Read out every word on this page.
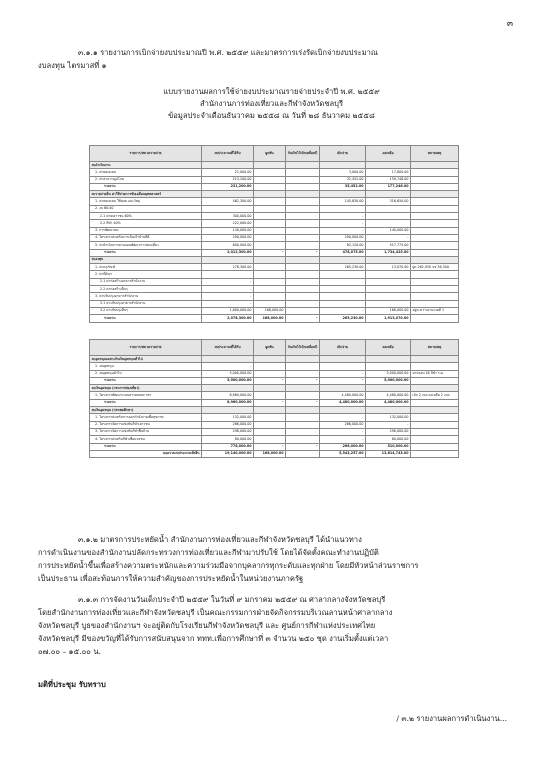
๓
๓.๑.๑ รายงานการเบิกจ่ายงบประมาณปี พ.ศ. ๒๕๕๙ และมาตรการเร่งรัดเบิกจ่ายงบประมาณ
งบลงทุน ไตรมาสที่ ๑
แบบรายงานผลการใช้จ่ายงบประมาณรายจ่ายประจำปี พ.ศ. ๒๕๕๙
สำนักงานการท่องเที่ยวและกีฬาจังหวัดชลบุรี
ข้อมูลประจำเดือนธันวาคม ๒๕๕๘ ณ วันที่ ๒๘ ธันวาคม ๒๕๕๘
รายการ/หมวดรายจ่าย	งบประมาณที่ได้รับ	ผูกพัน	กันเงินไว้เบิกเหลื่อมปี	เบิกจ่าย	คงเหลือ	หมายเหตุ
งบดำเนินงาน						
1. ค่าตอบแทน	21,000.00			3,000.00	17,800.00	
2. ค่าสาธารณูปโภค	213,200.00			32,452.00	159,748.00	
รวมงาน	231,200.00			35,452.00	177,248.00	
งบรายจ่ายอื่น ค่าใช้จ่ายการขับเคลื่อนยุทธศาสตร์						
1. ค่าตอบแทน ใช้สอย และวัสดุ	462,300.00			145,830.00	316,650.00	
2. งบ 60:40						
2.1 ค่ายเยาวชน 60%	300,000.00			-		
2.2 กีฬา 40%	222,000.00			-		
3. การพัฒนาคน	140,000.00			-	140,000.00	
4. โครงการส่งเสริมการเป็นเจ้าบ้านที่ดี	290,000.00			290,000.00	-	
5. ค่าดำเนินการตามแผนพัฒนาการท่องเที่ยว	600,000.00			82,120.00	517,775.00	
รวมงาน	2,012,300.00	-	-	478,075.00	1,734,425.00	
งบลงทุน						
1. ค่าครุภัณฑ์	278,300.00			265,230.00	13,070.00	ผูก 262,930 จข 36,300
2. ค่าที่ดินฯ						
2.1 ค่าก่อสร้างอาคารสำนักงาน	-					
2.2 ค่าก่อสร้างอื่นๆ	-					
3. ค่าปรับปรุงอาคารสำนักงาน	-					
3.1 ค่าปรับปรุงอาคารสำนักงาน	-					
3.2 ค่าปรับปรุงอื่นๆ	1,800,000.00	168,000.00		-	168,000.00	อยู่ระหว่างงานงวดที่ 1
รวมงาน	2,078,300.00	168,000.00	-	265,230.00	1,913,070.00	
รายการ/หมวดรายจ่าย	งบประมาณที่ได้รับ	ผูกพัน	กันเงินไว้เบิกเหลื่อมปี	เบิกจ่าย	คงเหลือ	หมายเหตุ
งบอุดหนุนเฉพาะกิจเงินอุดหนุนทั่วไป						
1. งบอุดหนุน	-					
2. งบอุดหนุนทั่วไป	5,000,000.00			-	5,000,000.00	ครบรอบ 16 กีฬา ร.ด.
รวมงาน	5,000,000.00	-	-	-	5,000,000.00	
งบเงินอุดหนุน (กรมการท่องเที่ยว)						
1. โครงการพัฒนาระบบสารสนเทศ ฯลฯ	8,960,000.00			4,480,000.00	4,480,000.00	เบิก 2 งวด คงเหลือ 2 งวด
รวมงาน	8,960,000.00	-	-	4,480,000.00	4,480,000.00	
งบเงินอุดหนุน (กรมพลศึกษา)						
1. โครงการส่งเสริมการออกกำลังกายเพื่อสุขภาพ	132,000.00			-	132,000.00	
2. โครงการจัดการแข่งขันกีฬาเยาวชน	266,000.00			266,000.00	-	
3. โครงการจัดการแข่งขันกีฬาพื้นบ้าน	298,000.00			-	298,000.00	
4. โครงการส่งเสริมกีฬาเพื่อมวลชน	80,000.00			-	80,000.00	
รวมงาน	776,000.00	-	-	266,000.00	510,000.00	
ยอดรวมงบประมาณทั้งสิ้น	19,140,000.00	168,000.00		5,543,257.00	13,614,743.00	
๓.๑.๒ มาตรการประหยัดน้ำ สำนักงานการท่องเที่ยวและกีฬาจังหวัดชลบุรี ได้นำแนวทาง
การดำเนินงานของสำนักงานปลัดกระทรวงการท่องเที่ยวและกีฬามาปรับใช้ โดยได้จัดตั้งคณะทำงานปฏิบัติ
การประหยัดน้ำขึ้นเพื่อสร้างความตระหนักและความร่วมมือจากบุคลากรทุกระดับและทุกฝ่าย โดยมีหัวหน้าส่วนราชการ
เป็นประธาน เพื่อสะท้อนการให้ความสำคัญของการประหยัดน้ำในหน่วยงานภาครัฐ
๓.๑.๓ การจัดงานวันเด็กประจำปี ๒๕๕๙ ในวันที่ ๙ มกราคม ๒๕๕๙ ณ ศาลากลางจังหวัดชลบุรี
โดยสำนักงานการท่องเที่ยวและกีฬาจังหวัดชลบุรี เป็นคณะกรรมการฝ่ายจัดกิจกรรมบริเวณลานหน้าศาลากลาง
จังหวัดชลบุรี บูธของสำนักงานฯ จะอยู่ติดกับโรงเรียนกีฬาจังหวัดชลบุรี และ ศูนย์การกีฬาแห่งประเทศไทย
จังหวัดชลบุรี มีของขวัญที่ได้รับการสนับสนุนจาก ททท.เพื่อการศึกษาที่ ๓ จำนวน ๒๕๐ ชุด งานเริ่มตั้งแต่เวลา
๐๗.๐๐ – ๑๕.๐๐ น.
มติที่ประชุม รับทราบ
/ ๓.๒ รายงานผลการดำเนินงาน...
